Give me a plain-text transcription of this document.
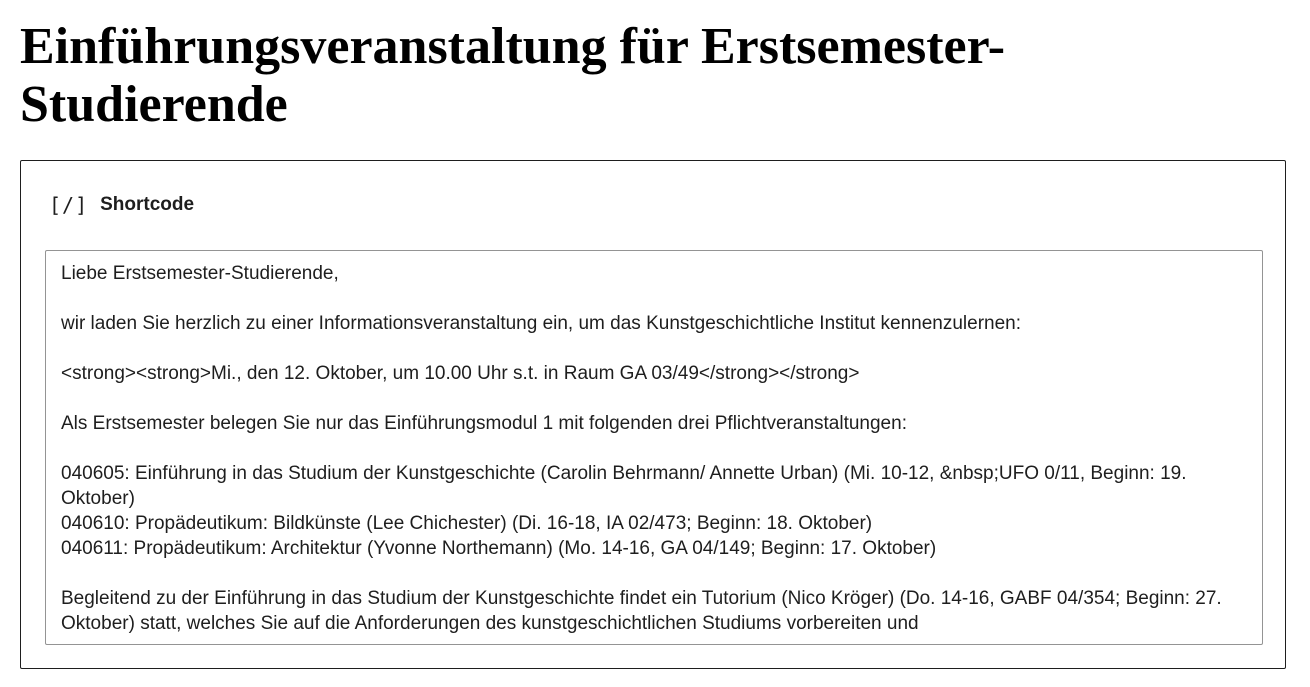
Einführungsveranstaltung für Erstsemester-Studierende
[/] Shortcode
Liebe Erstsemester-Studierende,

wir laden Sie herzlich zu einer Informationsveranstaltung ein, um das Kunstgeschichtliche Institut kennenzulernen:

<strong><strong>Mi., den 12. Oktober, um 10.00 Uhr s.t. in Raum GA 03/49</strong></strong>

Als Erstsemester belegen Sie nur das Einführungsmodul 1 mit folgenden drei Pflichtveranstaltungen:

040605: Einführung in das Studium der Kunstgeschichte (Carolin Behrmann/ Annette Urban) (Mi. 10-12, &nbsp;UFO 0/11, Beginn: 19. Oktober)
040610: Propädeutikum: Bildkünste (Lee Chichester) (Di. 16-18, IA 02/473; Beginn: 18. Oktober)
040611: Propädeutikum: Architektur (Yvonne Northemann) (Mo. 14-16, GA 04/149; Beginn: 17. Oktober)

Begleitend zu der Einführung in das Studium der Kunstgeschichte findet ein Tutorium (Nico Kröger) (Do. 14-16, GABF 04/354; Beginn: 27. Oktober) statt, welches Sie auf die Anforderungen des kunstgeschichtlichen Studiums vorbereiten und
